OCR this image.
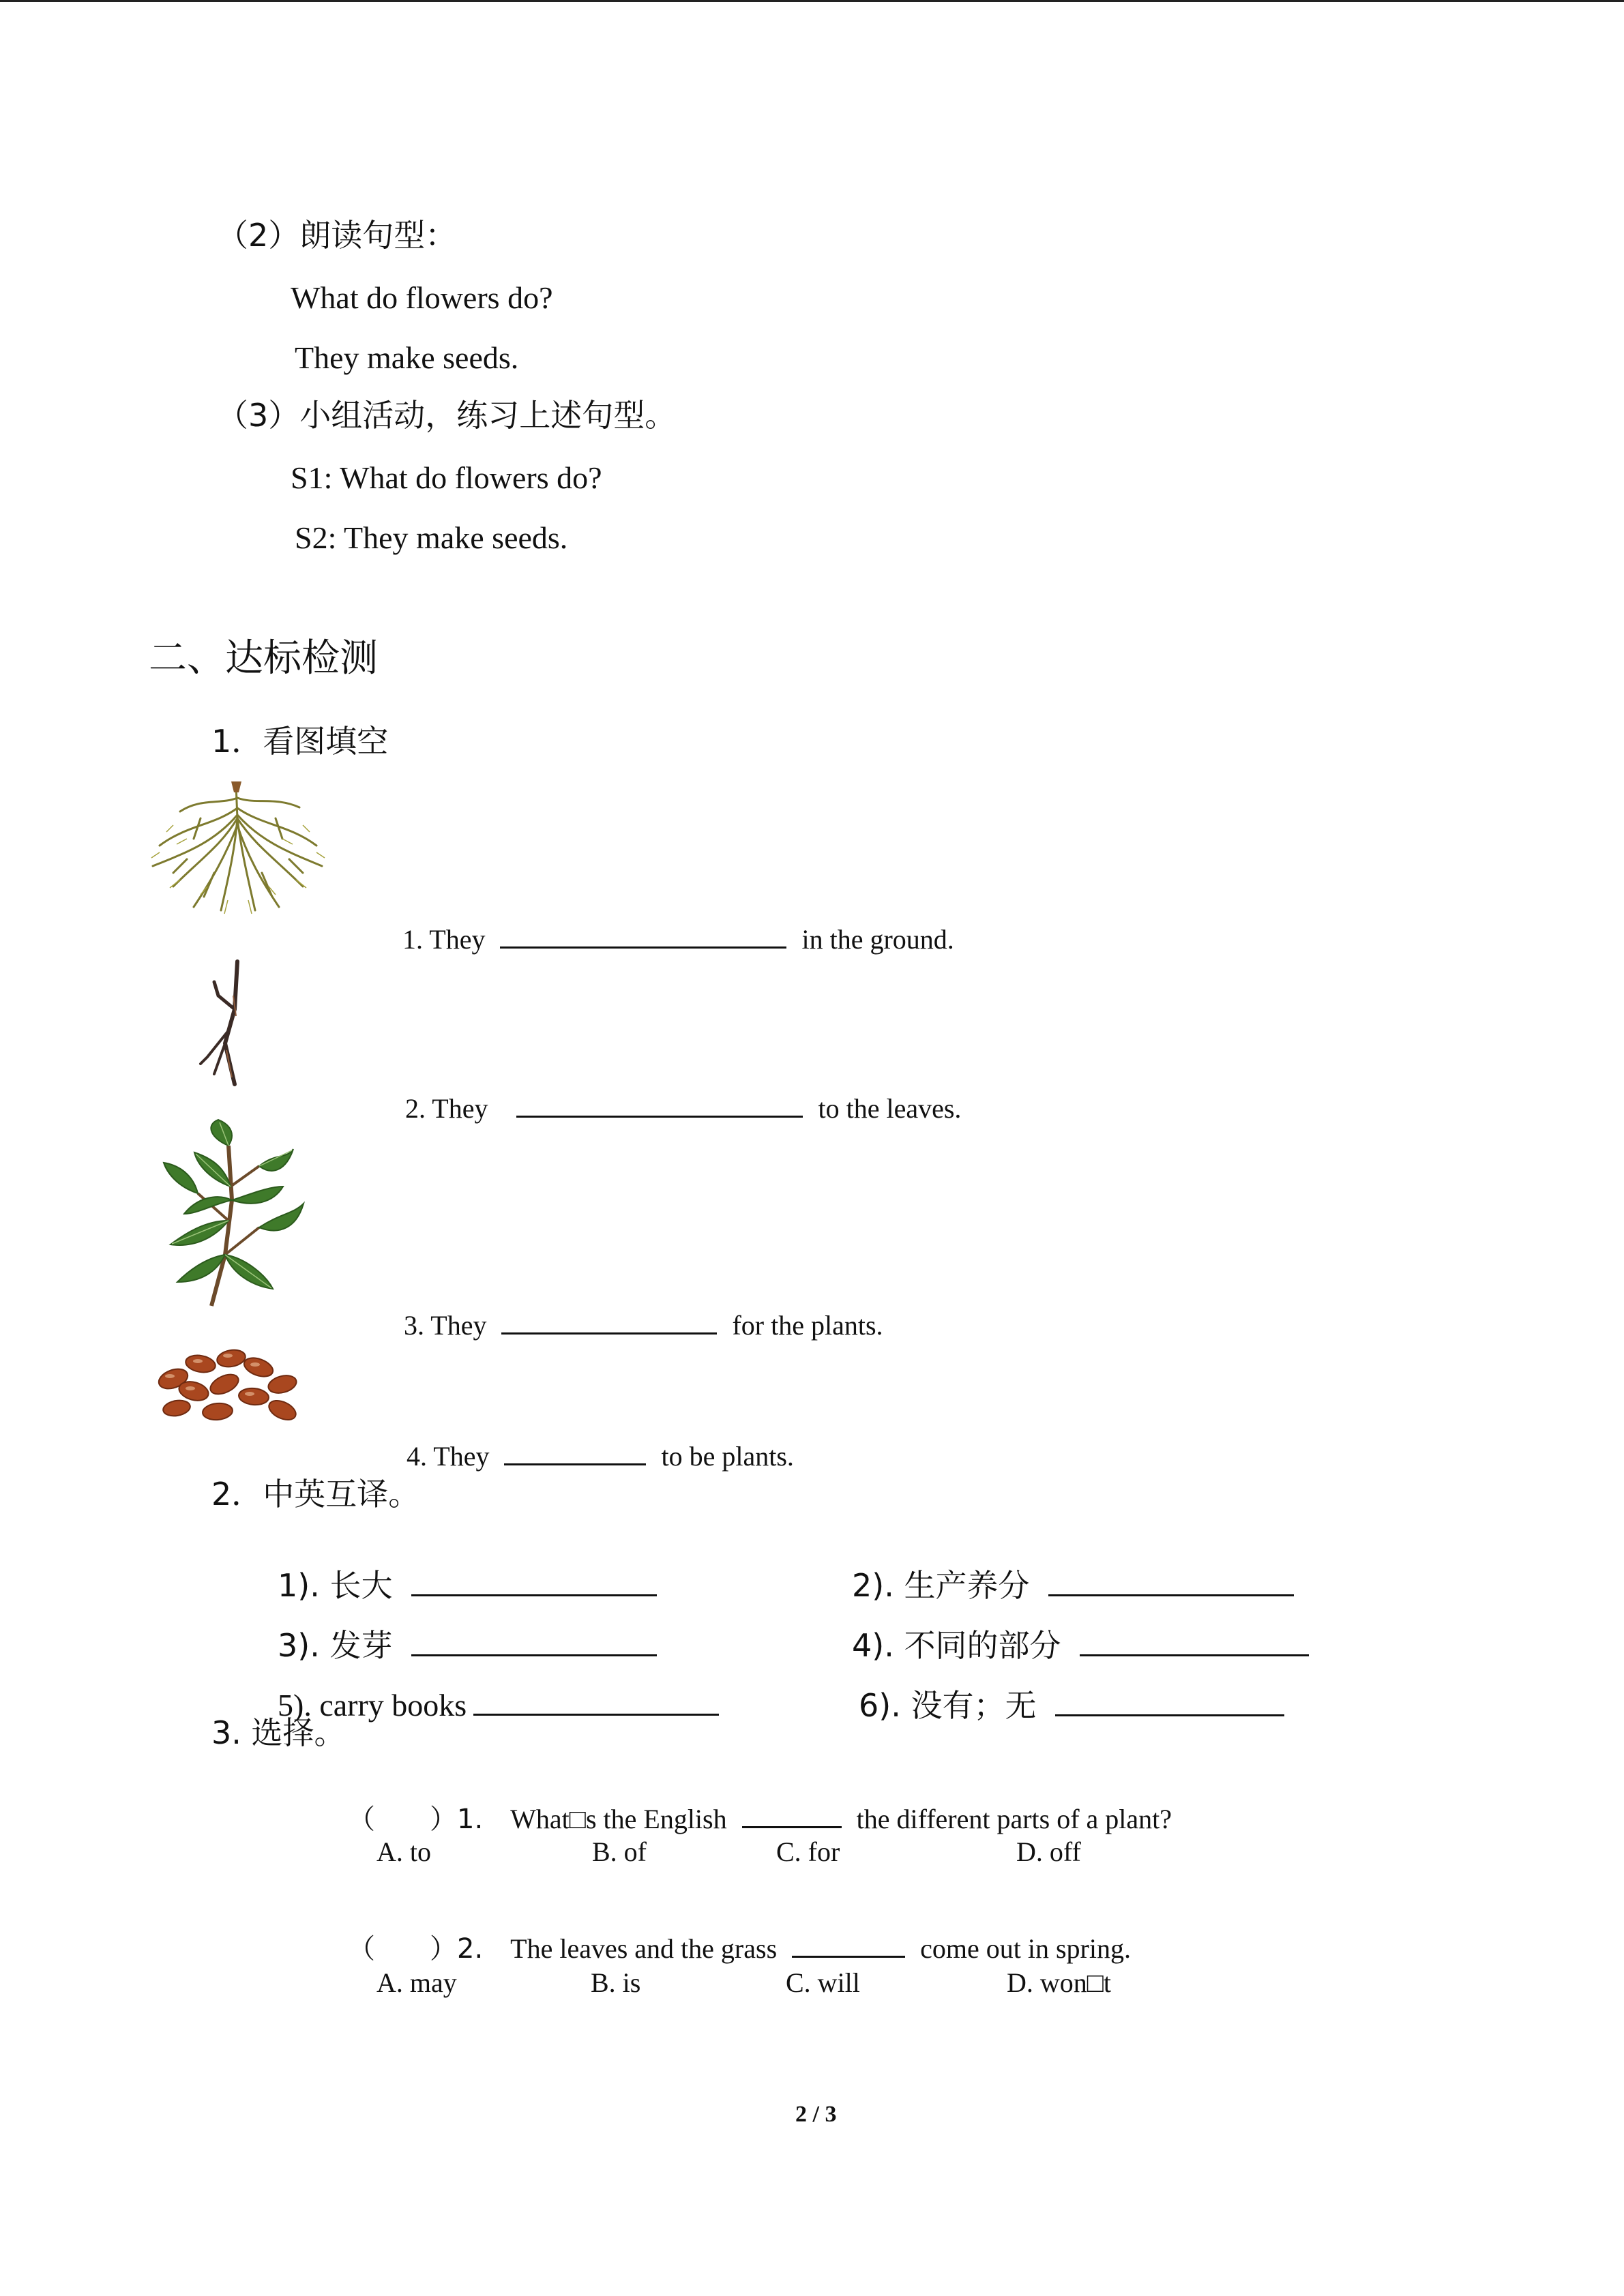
（2）朗读句型：
What do flowers do?
They make seeds.
（3）小组活动，练习上述句型。
S1: What do flowers do?
S2: They make seeds.
二、达标检测
1．看图填空

1. They	in the ground.

2. They	to the leaves.

3. They	for the plants.

4. They	to be plants.

2．中英互译。

1). 长大	2). 生产养分

3). 发芽	4). 不同的部分

5). carry books	6). 没有；无

3. 选择。

（　　）1. What□s the English	the different parts of a plant?

A. to	B. of	C. for	D. off

（　　）2. The leaves and the grass	come out in spring.

A. may	B. is	C. will	D. won□t
2 / 3
